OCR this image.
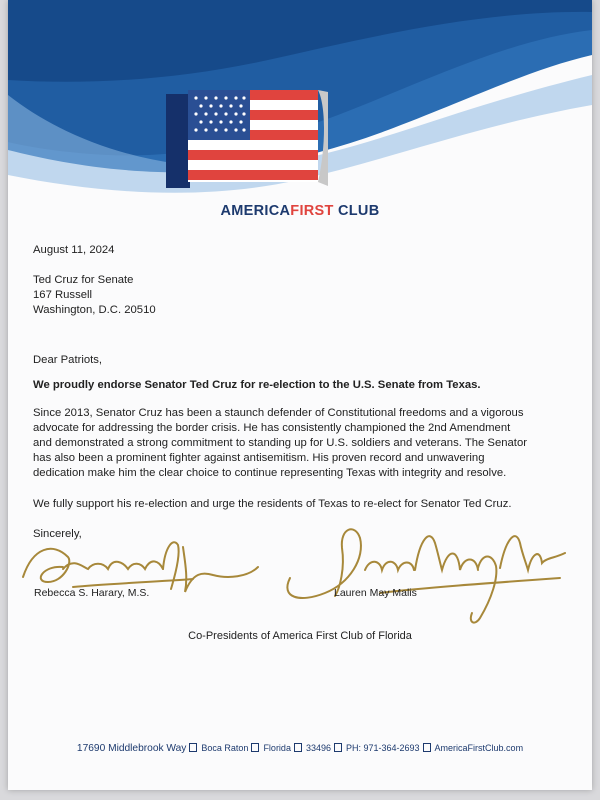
AMERICAFIRST CLUB
August 11, 2024
Ted Cruz for Senate
167 Russell
Washington, D.C. 20510
Dear Patriots,
We proudly endorse Senator Ted Cruz for re-election to the U.S. Senate from Texas.
Since 2013, Senator Cruz has been a staunch defender of Constitutional freedoms and a vigorous
advocate for addressing the border crisis. He has consistently championed the 2nd Amendment
and demonstrated a strong commitment to standing up for U.S. soldiers and veterans. The Senator
has also been a prominent fighter against antisemitism. His proven record and unwavering
dedication make him the clear choice to continue representing Texas with integrity and resolve.
We fully support his re-election and urge the residents of Texas to re-elect for Senator Ted Cruz.
Sincerely,
Rebecca H
Lauren May Malis
Rebecca S. Harary, M.S.	Lauren May Malis
Co-Presidents of America First Club of Florida
17690 Middlebrook Way Boca Raton Florida 33496 PH: 971-364-2693 AmericaFirstClub.com
